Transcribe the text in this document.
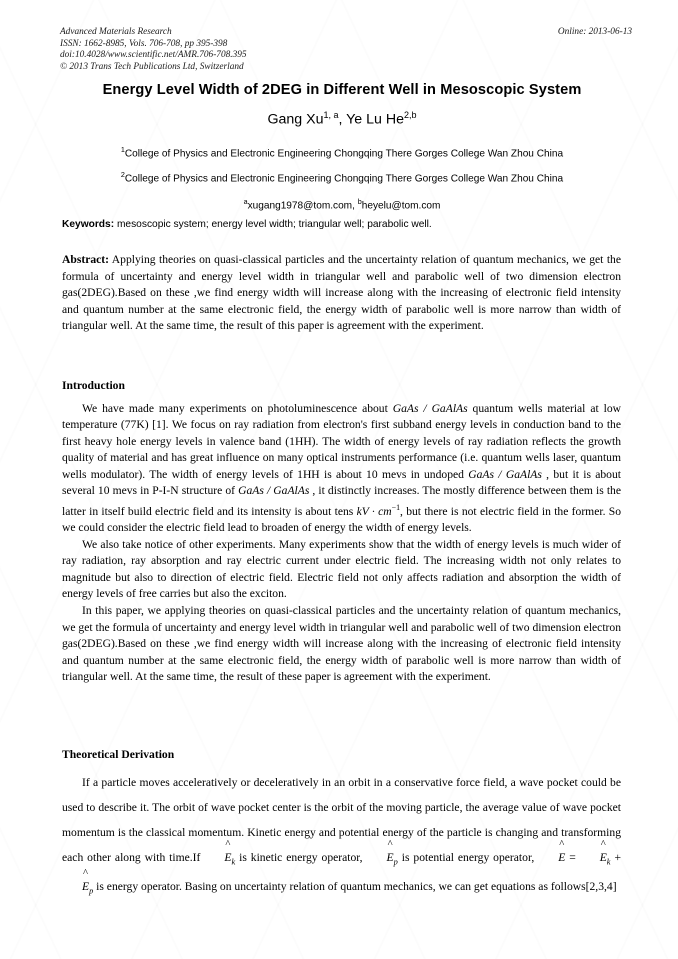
Online: 2013-06-13
Advanced Materials Research
ISSN: 1662-8985, Vols. 706-708, pp 395-398
doi:10.4028/www.scientific.net/AMR.706-708.395
© 2013 Trans Tech Publications Ltd, Switzerland
Energy Level Width of 2DEG in Different Well in Mesoscopic System
Gang Xu$^{1, a}$, Ye Lu He$^{2,b}$
$^1$College of Physics and Electronic Engineering Chongqing There Gorges College Wan Zhou China
$^2$College of Physics and Electronic Engineering Chongqing There Gorges College Wan Zhou China
$^a$xugang1978@tom.com, $^b$heyelu@tom.com
Keywords: mesoscopic system; energy level width; triangular well; parabolic well.
Abstract: Applying theories on quasi-classical particles and the uncertainty relation of quantum mechanics, we get the formula of uncertainty and energy level width in triangular well and parabolic well of two dimension electron gas(2DEG).Based on these ,we find energy width will increase along with the increasing of electronic field intensity and quantum number at the same electronic field, the energy width of parabolic well is more narrow than width of triangular well. At the same time, the result of this paper is agreement with the experiment.
Introduction

We have made many experiments on photoluminescence about GaAs / GaAlAs quantum wells material at low temperature (77K) [1]. We focus on ray radiation from electron's first subband energy levels in conduction band to the first heavy hole energy levels in valence band (1HH). The width of energy levels of ray radiation reflects the growth quality of material and has great influence on many optical instruments performance (i.e. quantum wells laser, quantum wells modulator). The width of energy levels of 1HH is about 10 mevs in undoped GaAs / GaAlAs , but it is about several 10 mevs in P-I-N structure of GaAs / GaAlAs , it distinctly increases. The mostly difference between them is the latter in itself build electric field and its intensity is about tens kV · $cm^{-1}$, but there is not electric field in the former. So we could consider the electric field lead to broaden of energy the width of energy levels.

We also take notice of other experiments. Many experiments show that the width of energy levels is much wider of ray radiation, ray absorption and ray electric current under electric field. The increasing width not only relates to magnitude but also to direction of electric field. Electric field not only affects radiation and absorption the width of energy levels of free carries but also the exciton.

In this paper, we applying theories on quasi-classical particles and the uncertainty relation of quantum mechanics, we get the formula of uncertainty and energy level width in triangular well and parabolic well of two dimension electron gas(2DEG).Based on these ,we find energy width will increase along with the increasing of electronic field intensity and quantum number at the same electronic field, the energy width of parabolic well is more narrow than width of triangular well. At the same time, the result of these paper is agreement with the experiment.

Theoretical Derivation

If a particle moves acceleratively or deceleratively in an orbit in a conservative force field, a wave pocket could be used to describe it. The orbit of wave pocket center is the orbit of the moving particle, the average value of wave pocket momentum is the classical momentum. Kinetic energy and potential energy of the particle is changing and transforming each other along with time.If
^
$E_k$ is kinetic energy operator,
^
$E_p$ is potential energy operator,
^
E =
^
$E_k$ +
^
$E_p$ is energy operator. Basing on uncertainty relation of quantum mechanics, we can get equations as follows[2,3,4]
